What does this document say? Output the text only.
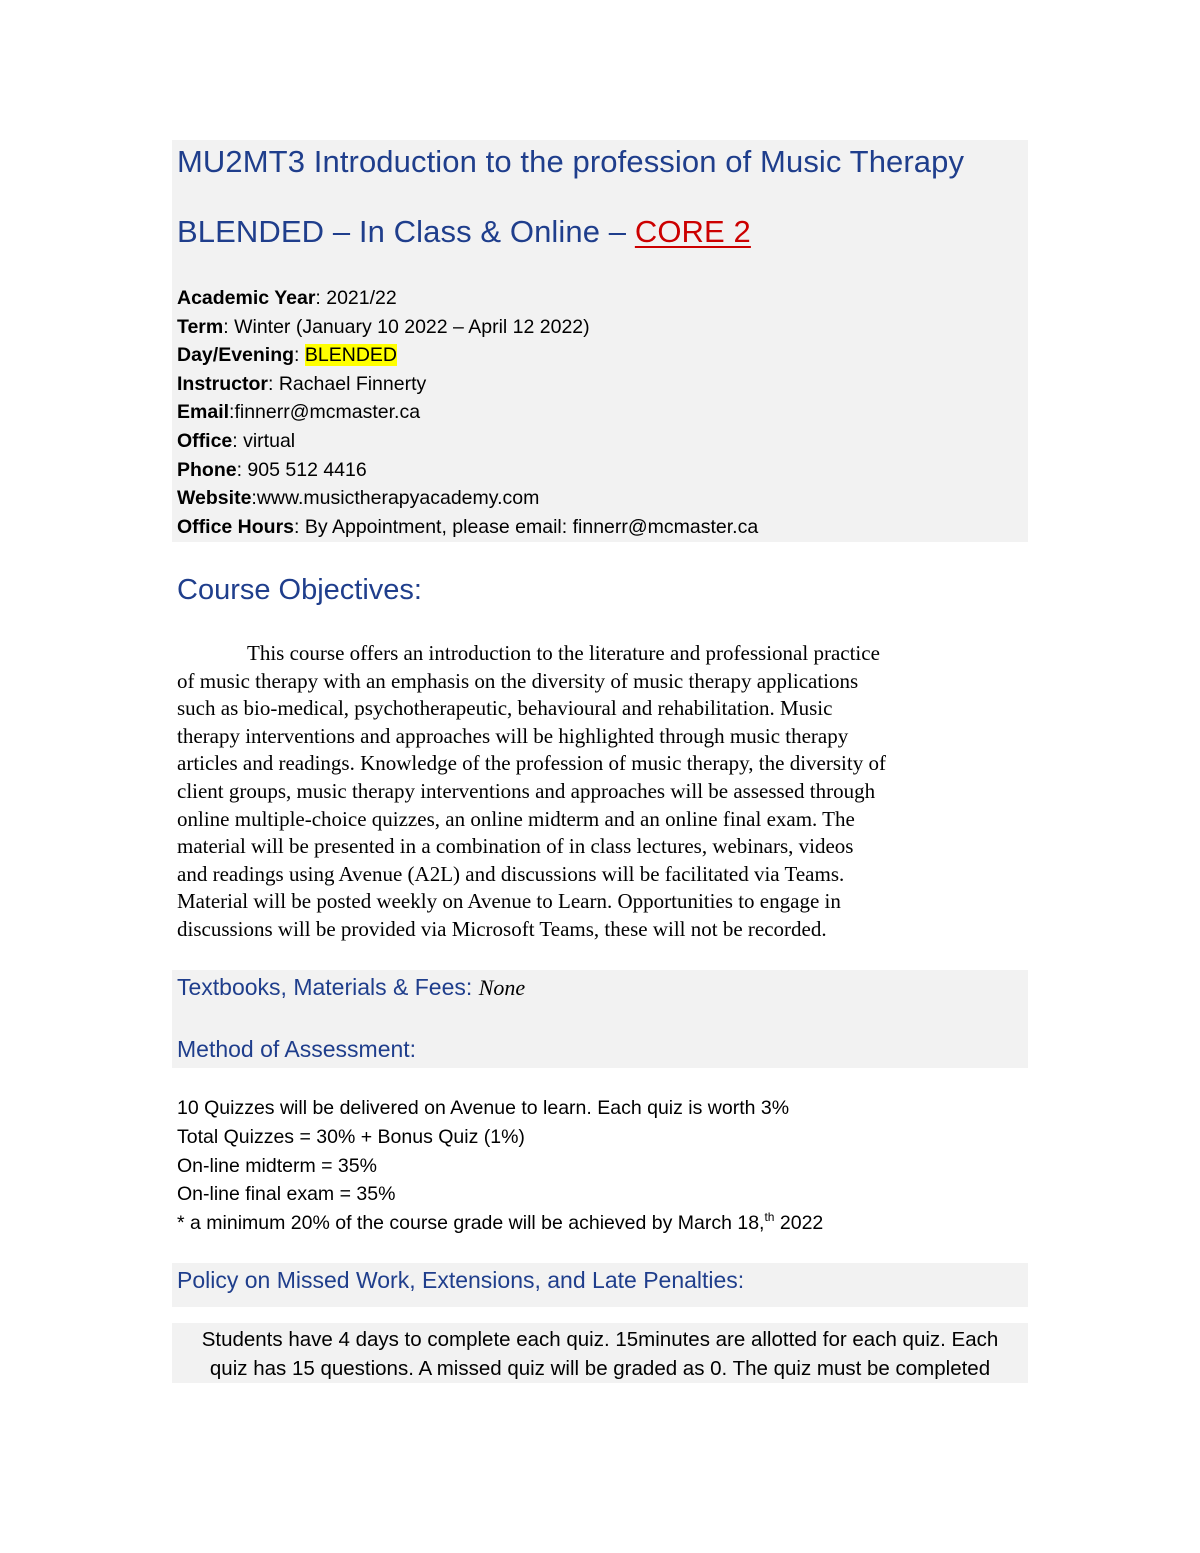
MU2MT3 Introduction to the profession of Music Therapy
BLENDED – In Class & Online – CORE 2
Academic Year: 2021/22
Term: Winter (January 10 2022 – April 12 2022)
Day/Evening: BLENDED
Instructor: Rachael Finnerty
Email:finnerr@mcmaster.ca
Office: virtual
Phone: 905 512 4416
Website:www.musictherapyacademy.com
Office Hours: By Appointment, please email: finnerr@mcmaster.ca
Course Objectives:
This course offers an introduction to the literature and professional practice
of music therapy with an emphasis on the diversity of music therapy applications
such as bio-medical, psychotherapeutic, behavioural and rehabilitation. Music
therapy interventions and approaches will be highlighted through music therapy
articles and readings. Knowledge of the profession of music therapy, the diversity of
client groups, music therapy interventions and approaches will be assessed through
online multiple-choice quizzes, an online midterm and an online final exam. The
material will be presented in a combination of in class lectures, webinars, videos
and readings using Avenue (A2L) and discussions will be facilitated via Teams.
Material will be posted weekly on Avenue to Learn. Opportunities to engage in
discussions will be provided via Microsoft Teams, these will not be recorded.
Textbooks, Materials & Fees: None
Method of Assessment:
10 Quizzes will be delivered on Avenue to learn. Each quiz is worth 3%
Total Quizzes = 30% + Bonus Quiz (1%)
On-line midterm = 35%
On-line final exam = 35%
* a minimum 20% of the course grade will be achieved by March 18,$^{th}$ 2022
Policy on Missed Work, Extensions, and Late Penalties:
Students have 4 days to complete each quiz. 15minutes are allotted for each quiz. Each
quiz has 15 questions. A missed quiz will be graded as 0. The quiz must be completed
